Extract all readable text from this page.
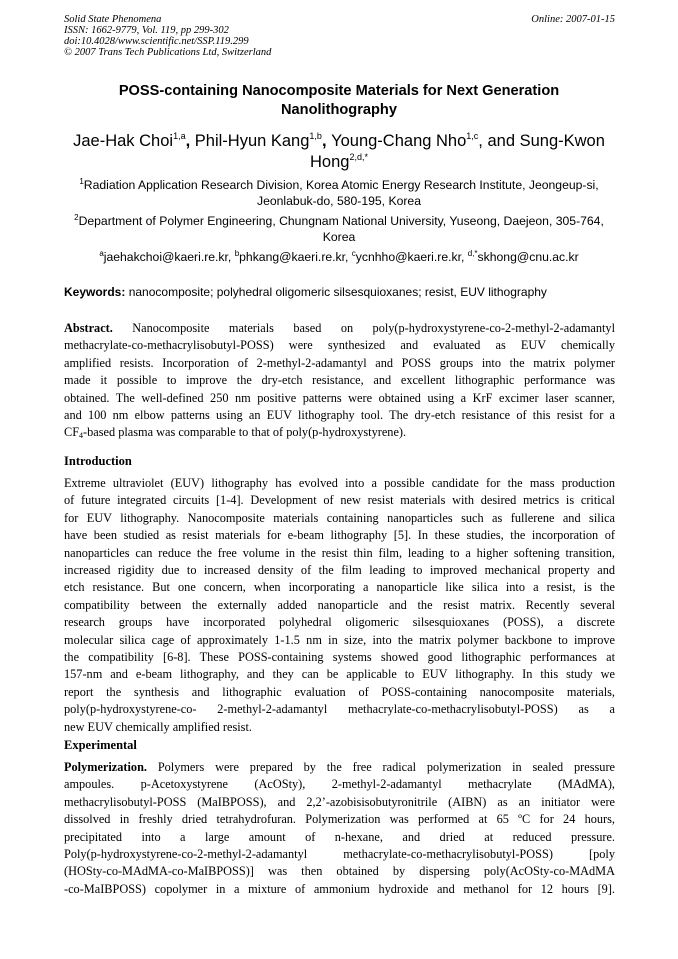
Solid State Phenomena
ISSN: 1662-9779, Vol. 119, pp 299-302
doi:10.4028/www.scientific.net/SSP.119.299
© 2007 Trans Tech Publications Ltd, Switzerland
Online: 2007-01-15
POSS-containing Nanocomposite Materials for Next Generation
Nanolithography
Jae-Hak Choi$^{1,a}$, Phil-Hyun Kang$^{1,b}$, Young-Chang Nho$^{1,c}$, and Sung-Kwon
Hong$^{2,d,*}$
$^1$Radiation Application Research Division, Korea Atomic Energy Research Institute, Jeongeup-si,
Jeonlabuk-do, 580-195, Korea
$^2$Department of Polymer Engineering, Chungnam National University, Yuseong, Daejeon, 305-764,
Korea
$^a$jaehakchoi@kaeri.re.kr, $^b$phkang@kaeri.re.kr, $^c$ycnhho@kaeri.re.kr, $^{d,*}$skhong@cnu.ac.kr
Keywords: nanocomposite; polyhedral oligomeric silsesquioxanes; resist, EUV lithography
Abstract. Nanocomposite materials based on poly(p-hydroxystyrene-co-2-methyl-2-adamantyl
methacrylate-co-methacrylisobutyl-POSS) were synthesized and evaluated as EUV chemically
amplified resists. Incorporation of 2-methyl-2-adamantyl and POSS groups into the matrix polymer
made it possible to improve the dry-etch resistance, and excellent lithographic performance was
obtained. The well-defined 250 nm positive patterns were obtained using a KrF excimer laser scanner,
and 100 nm elbow patterns using an EUV lithography tool. The dry-etch resistance of this resist for a
$CF_4$-based plasma was comparable to that of poly(p-hydroxystyrene).
Introduction
Extreme ultraviolet (EUV) lithography has evolved into a possible candidate for the mass production
of future integrated circuits [1-4]. Development of new resist materials with desired metrics is critical
for EUV lithography. Nanocomposite materials containing nanoparticles such as fullerene and silica
have been studied as resist materials for e-beam lithography [5]. In these studies, the incorporation of
nanoparticles can reduce the free volume in the resist thin film, leading to a higher softening transition,
increased rigidity due to increased density of the film leading to improved mechanical property and
etch resistance. But one concern, when incorporating a nanoparticle like silica into a resist, is the
compatibility between the externally added nanoparticle and the resist matrix. Recently several
research groups have incorporated polyhedral oligomeric silsesquioxanes (POSS), a discrete
molecular silica cage of approximately 1-1.5 nm in size, into the matrix polymer backbone to improve
the compatibility [6-8]. These POSS-containing systems showed good lithographic performances at
157-nm and e-beam lithography, and they can be applicable to EUV lithography. In this study we
report the synthesis and lithographic evaluation of POSS-containing nanocomposite materials,
poly(p-hydroxystyrene-co- 2-methyl-2-adamantyl methacrylate-co-methacrylisobutyl-POSS) as a
new EUV chemically amplified resist.
Experimental
Polymerization. Polymers were prepared by the free radical polymerization in sealed pressure
ampoules. p-Acetoxystyrene (AcOSty), 2-methyl-2-adamantyl methacrylate (MAdMA),
methacrylisobutyl-POSS (MaIBPOSS), and 2,2’-azobisisobutyronitrile (AIBN) as an initiator were
dissolved in freshly dried tetrahydrofuran. Polymerization was performed at 65 ºC for 24 hours,
precipitated into a large amount of n-hexane, and dried at reduced pressure.
Poly(p-hydroxystyrene-co-2-methyl-2-adamantyl methacrylate-co-methacrylisobutyl-POSS) [poly
(HOSty-co-MAdMA-co-MaIBPOSS)] was then obtained by dispersing poly(AcOSty-co-MAdMA
-co-MaIBPOSS) copolymer in a mixture of ammonium hydroxide and methanol for 12 hours [9].
